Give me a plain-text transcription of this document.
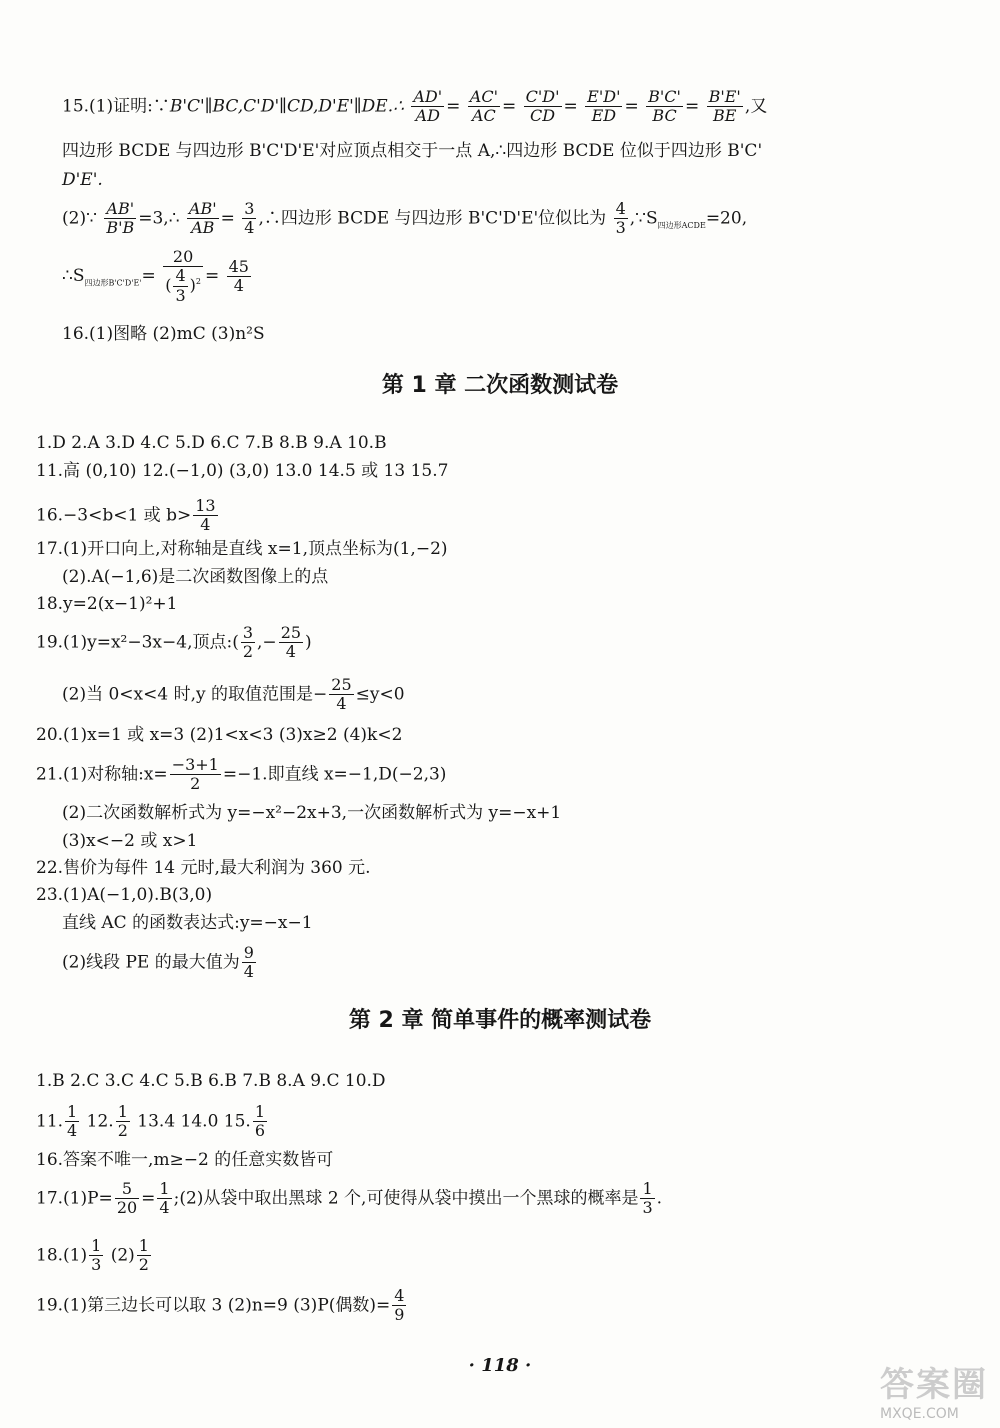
15.(1)证明:∵B'C'∥BC,C'D'∥CD,D'E'∥DE.∴ $\frac{AD'}{AD} = \frac{AC'}{AC} = \frac{C'D'}{CD} = \frac{E'D'}{ED} = \frac{B'C'}{BC} = \frac{B'E'}{BE}$ ,又
四边形 BCDE 与四边形 B'C'D'E'对应顶点相交于一点 A,∴四边形 BCDE 位似于四边形 B'C'
D'E'.
(2)∵ $\frac{AB'}{B'B}$ =3,∴ $\frac{AB'}{AB} = \frac{3}{4}$ ,∴四边形 BCDE 与四边形 B'C'D'E'位似比为 $\frac{4}{3}$ $,\because S_{四边形ACDE}=20$,
$\therefore S_{四边形B'C'D'E'}= \frac{20}{( \frac{4}{3} )^2} = \frac{45}{4}$
16.(1)图略 (2)mC (3)n²S
第 1 章 二次函数测试卷
1.D 2.A 3.D 4.C 5.D 6.C 7.B 8.B 9.A 10.B
11.高 (0,10) 12.(−1,0) (3,0) 13.0 14.5 或 13 15.7
16.−3<b<1 或 $b> \frac{13}{4}$
17.(1)开口向上,对称轴是直线 x=1,顶点坐标为(1,−2)
(2).A(−1,6)是二次函数图像上的点
18.y=2(x−1)²+1
19.(1)y=x²−3x−4,顶点:( $\frac{3}{2}$ ,− $\frac{25}{4}$ )
(2)当 0<x<4 时,y 的取值范围是− $\frac{25}{4} \le y<0$
20.(1)x=1 或 x=3 (2)1<x<3 (3)x≥2 (4)k<2
21.(1)对称轴:x= $\frac{-3+1}{2} =-1$.即直线 x=−1,D(−2,3)
(2)二次函数解析式为 y=−x²−2x+3,一次函数解析式为 y=−x+1
(3)x<−2 或 x>1
22.售价为每件 14 元时,最大利润为 360 元.
23.(1)A(−1,0).B(3,0)
直线 AC 的函数表达式:y=−x−1
(2)线段 PE 的最大值为 $\frac{9}{4}$
第 2 章 简单事件的概率测试卷
1.B 2.C 3.C 4.C 5.B 6.B 7.B 8.A 9.C 10.D
11. $\frac{1}{4} 12$. $\frac{1}{2} 13.4$ 14.0 15. $\frac{1}{6}$
16.答案不唯一,m≥−2 的任意实数皆可
$17.(1)P= \frac{5}{20} = \frac{1}{4}$ ;(2)从袋中取出黑球 2 个,可使得从袋中摸出一个黑球的概率是 $\frac{1}{3}$ .
$18.(1) \frac{1}{3} (2) \frac{1}{2}$
19.(1)第三边长可以取 3 (2)n=9 (3)P(偶数)= $\frac{4}{9}$
· 118 ·	答案圈
MXQE.COM
